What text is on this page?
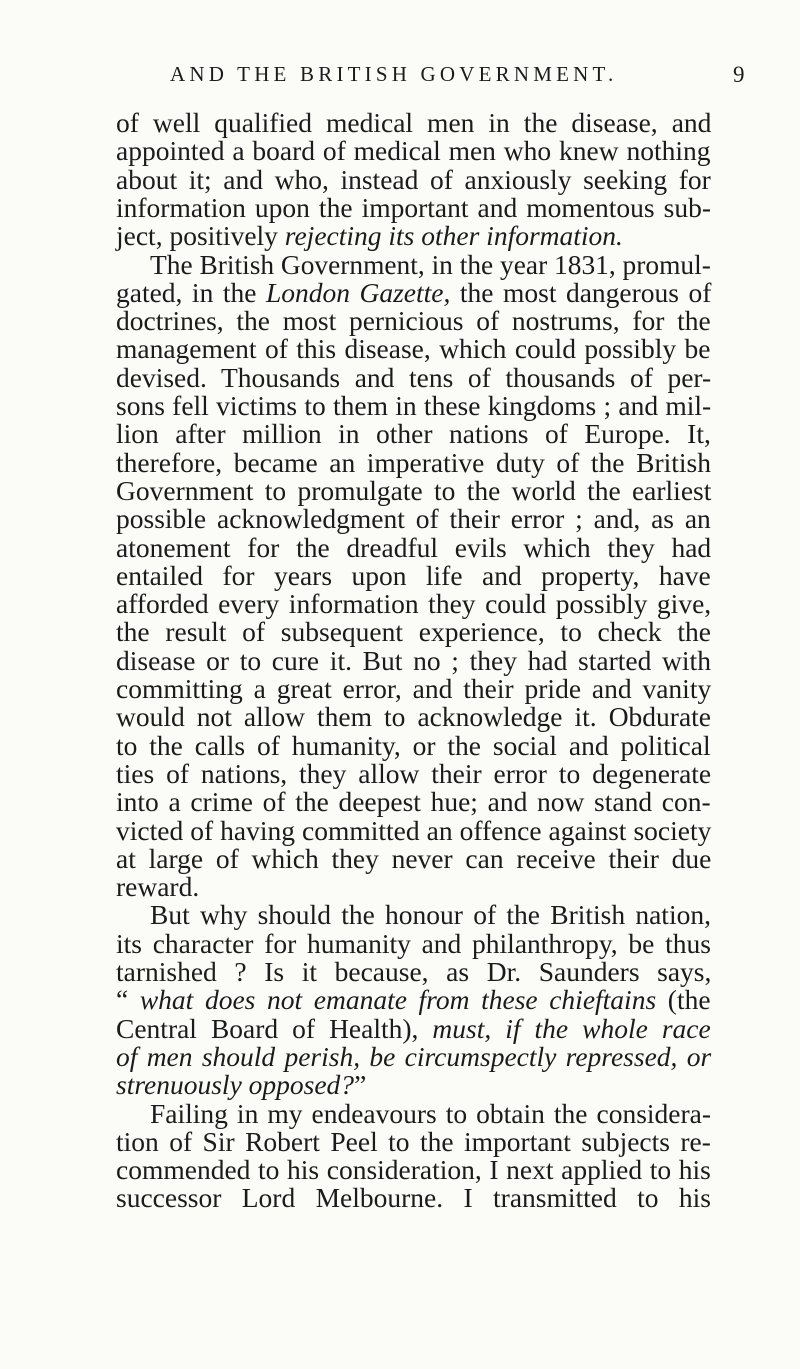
AND THE BRITISH GOVERNMENT.	9
of well qualified medical men in the disease, and
appointed a board of medical men who knew nothing
about it; and who, instead of anxiously seeking for
information upon the important and momentous sub-
ject, positively rejecting its other information.
The British Government, in the year 1831, promul-
gated, in the London Gazette, the most dangerous of
doctrines, the most pernicious of nostrums, for the
management of this disease, which could possibly be
devised. Thousands and tens of thousands of per-
sons fell victims to them in these kingdoms ; and mil-
lion after million in other nations of Europe. It,
therefore, became an imperative duty of the British
Government to promulgate to the world the earliest
possible acknowledgment of their error ; and, as an
atonement for the dreadful evils which they had
entailed for years upon life and property, have
afforded every information they could possibly give,
the result of subsequent experience, to check the
disease or to cure it. But no ; they had started with
committing a great error, and their pride and vanity
would not allow them to acknowledge it. Obdurate
to the calls of humanity, or the social and political
ties of nations, they allow their error to degenerate
into a crime of the deepest hue; and now stand con-
victed of having committed an offence against society
at large of which they never can receive their due
reward.
But why should the honour of the British nation,
its character for humanity and philanthropy, be thus
tarnished ? Is it because, as Dr. Saunders says,
“ what does not emanate from these chieftains (the
Central Board of Health), must, if the whole race
of men should perish, be circumspectly repressed, or
strenuously opposed?”
Failing in my endeavours to obtain the considera-
tion of Sir Robert Peel to the important subjects re-
commended to his consideration, I next applied to his
successor Lord Melbourne. I transmitted to his
